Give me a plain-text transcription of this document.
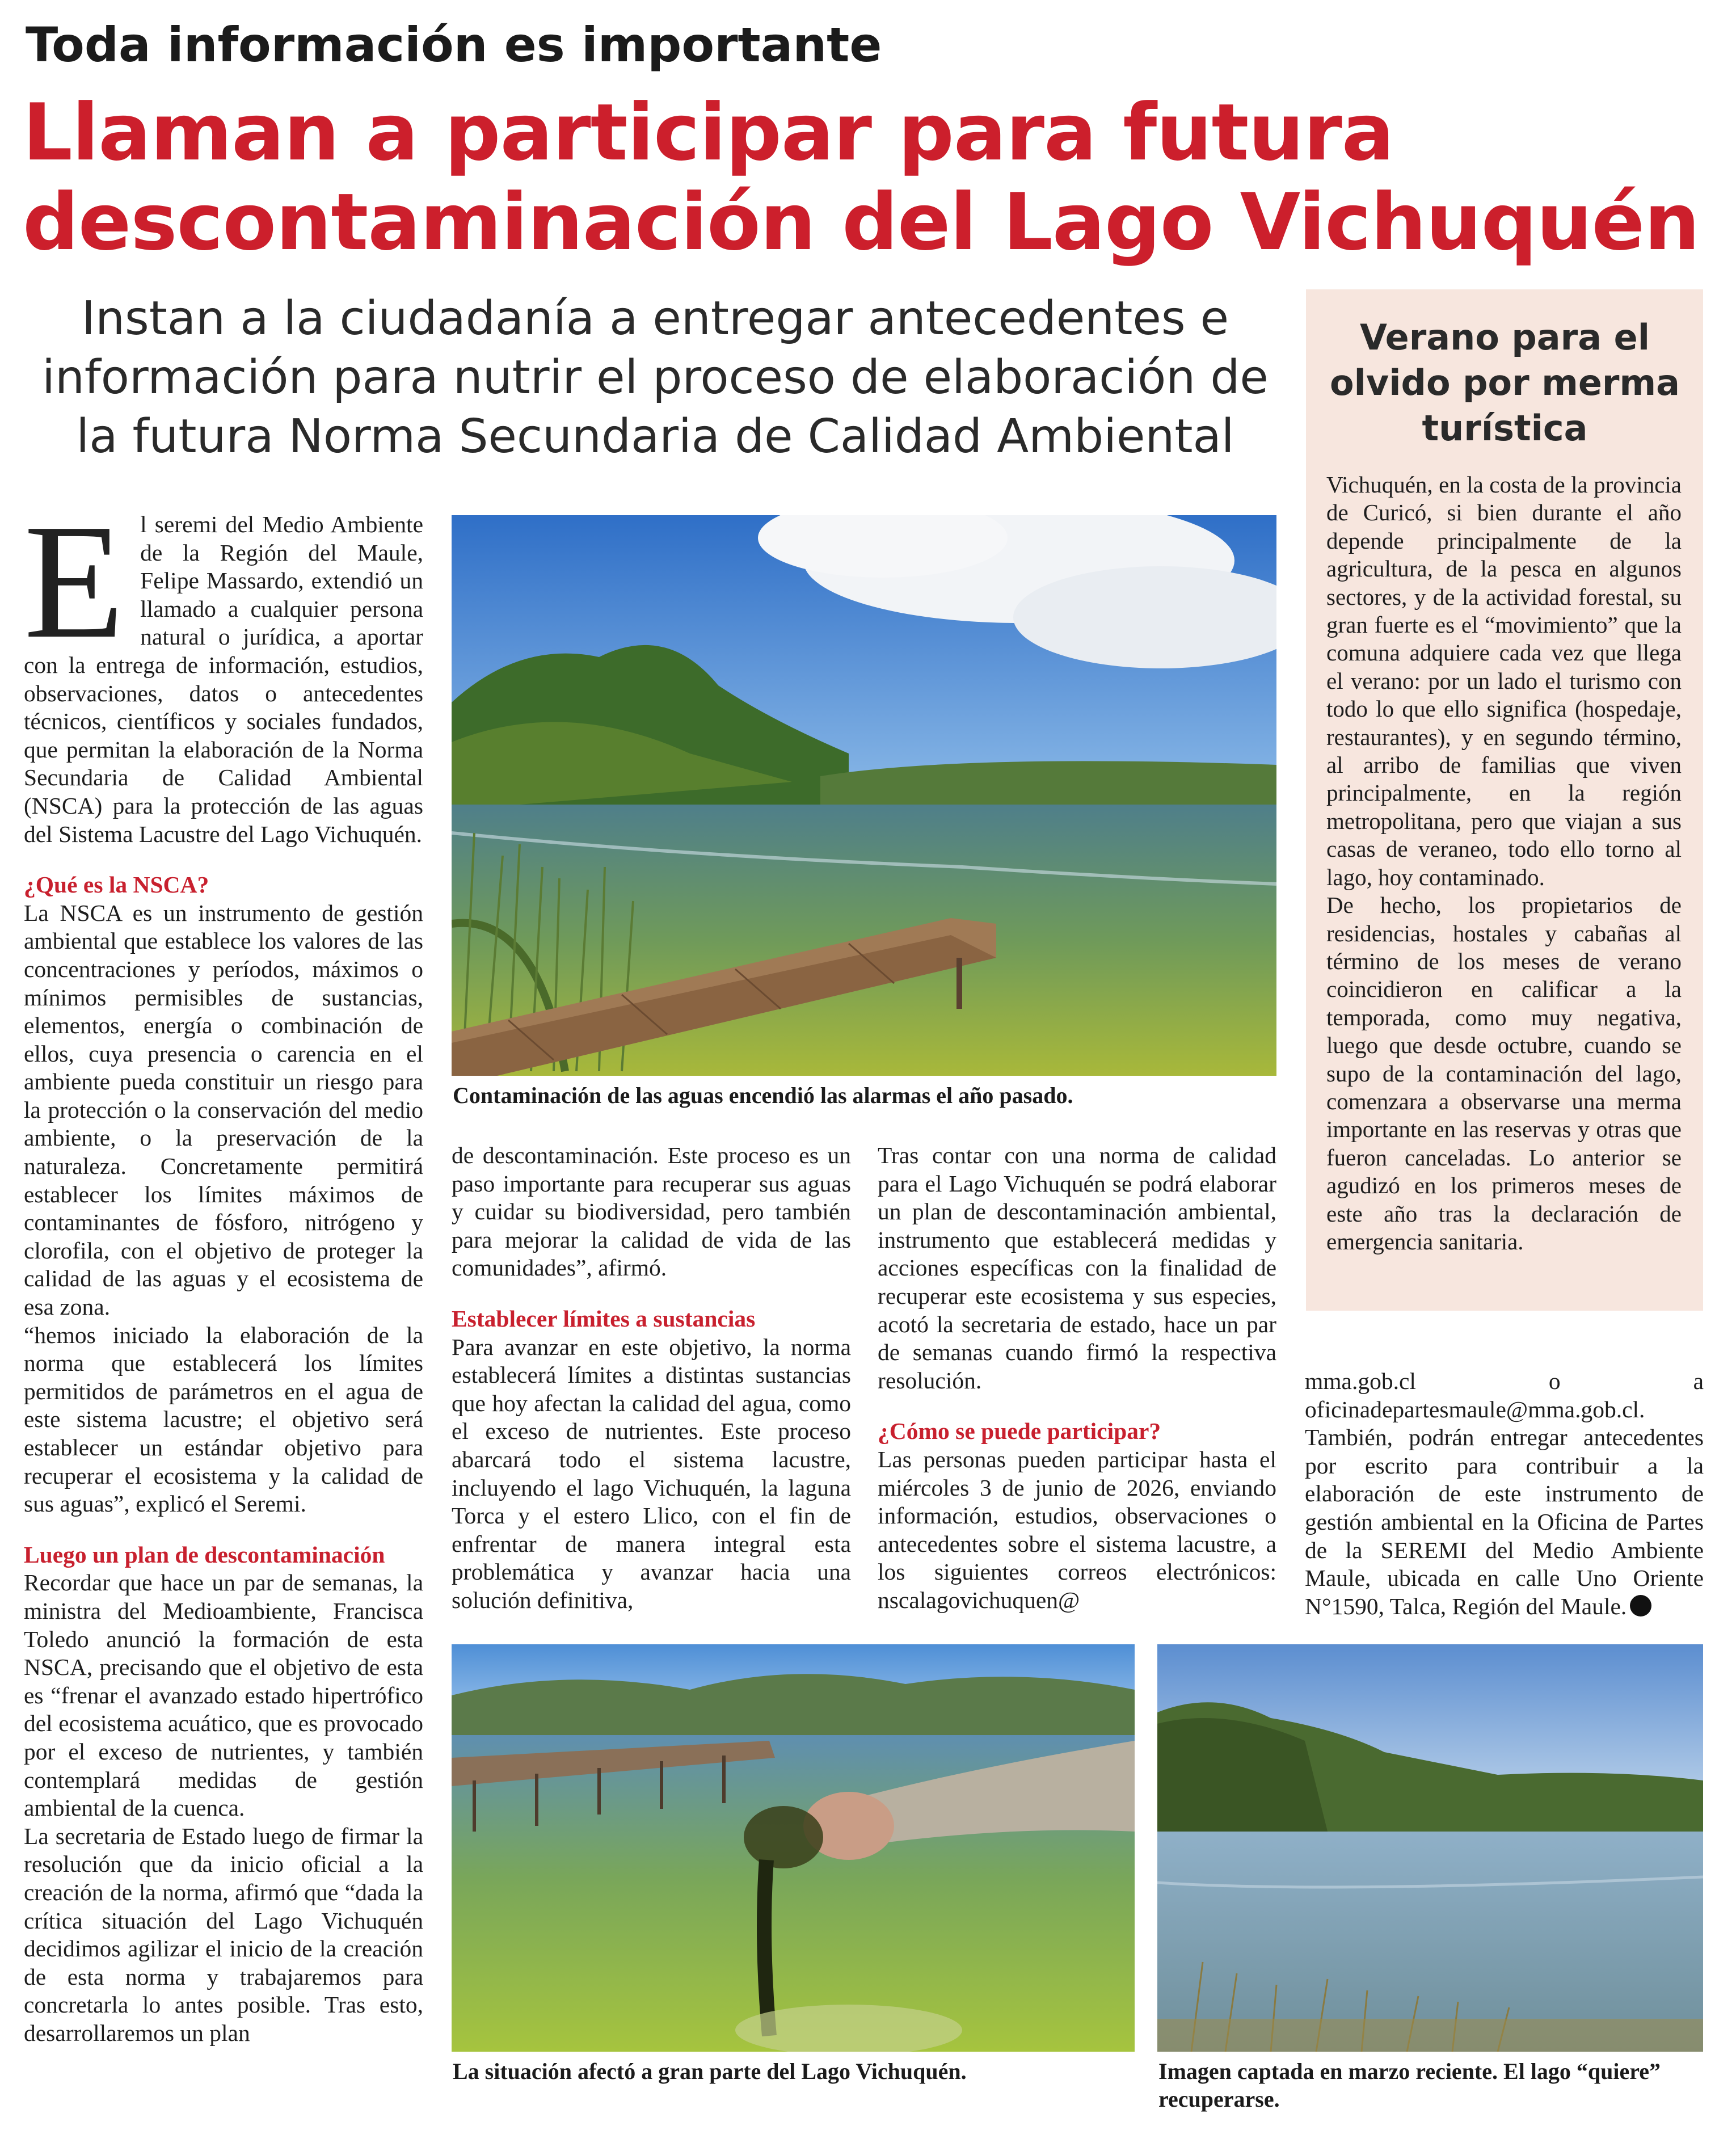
Toda información es importante
Llaman a participar para futura
descontaminación del Lago Vichuquén
Instan a la ciudadanía a entregar antecedentes e
información para nutrir el proceso de elaboración de
la futura Norma Secundaria de Calidad Ambiental

El seremi del Medio Ambiente de la Región del Maule, Felipe Massardo, extendió un llamado a cualquier persona natural o jurídica, a aportar con la entrega de información, estudios, observaciones, datos o antecedentes técnicos, científicos y sociales fundados, que permitan la elaboración de la Norma Secundaria de Calidad Ambiental (NSCA) para la protección de las aguas del Sistema Lacustre del Lago Vichuquén.

¿Qué es la NSCA?

La NSCA es un instrumento de gestión ambiental que establece los valores de las concentraciones y períodos, máximos o mínimos permisibles de sustancias, elementos, energía o combinación de ellos, cuya presencia o carencia en el ambiente pueda constituir un riesgo para la protección o la conservación del medio ambiente, o la preservación de la naturaleza. Concretamente permitirá establecer los límites máximos de contaminantes de fósforo, nitrógeno y clorofila, con el objetivo de proteger la calidad de las aguas y el ecosistema de esa zona.

“hemos iniciado la elaboración de la norma que establecerá los límites permitidos de parámetros en el agua de este sistema lacustre; el objetivo será establecer un estándar objetivo para recuperar el ecosistema y la calidad de sus aguas”, explicó el Seremi.

Luego un plan de descontaminación

Recordar que hace un par de semanas, la ministra del Medioambiente, Francisca Toledo anunció la formación de esta NSCA, precisando que el objetivo de esta es “frenar el avanzado estado hipertrófico del ecosistema acuático, que es provocado por el exceso de nutrientes, y también contemplará medidas de gestión ambiental de la cuenca.

La secretaria de Estado luego de firmar la resolución que da inicio oficial a la creación de la norma, afirmó que “dada la crítica situación del Lago Vichuquén decidimos agilizar el inicio de la creación de esta norma y trabajaremos para concretarla lo antes posible. Tras esto, desarrollaremos un plan

Contaminación de las aguas encendió las alarmas el año pasado.

de descontaminación. Este proceso es un paso importante para recuperar sus aguas y cuidar su biodiversidad, pero también para mejorar la calidad de vida de las comunidades”, afirmó.

Establecer límites a sustancias

Para avanzar en este objetivo, la norma establecerá límites a distintas sustancias que hoy afectan la calidad del agua, como el exceso de nutrientes. Este proceso abarcará todo el sistema lacustre, incluyendo el lago Vichuquén, la laguna Torca y el estero Llico, con el fin de enfrentar de manera integral esta problemática y avanzar hacia una solución definitiva,

Tras contar con una norma de calidad para el Lago Vichuquén se podrá elaborar un plan de descontaminación ambiental, instrumento que establecerá medidas y acciones específicas con la finalidad de recuperar este ecosistema y sus especies, acotó la secretaria de estado, hace un par de semanas cuando firmó la respectiva resolución.

¿Cómo se puede participar?

Las personas pueden participar hasta el miércoles 3 de junio de 2026, enviando información, estudios, observaciones o antecedentes sobre el sistema lacustre, a los siguientes correos electrónicos: nscalagovichuquen@

Verano para el olvido por merma turística

Vichuquén, en la costa de la provincia de Curicó, si bien durante el año depende principalmente de la agricultura, de la pesca en algunos sectores, y de la actividad forestal, su gran fuerte es el “movimiento” que la comuna adquiere cada vez que llega el verano: por un lado el turismo con todo lo que ello significa (hospedaje, restaurantes), y en segundo término, al arribo de familias que viven principalmente, en la región metropolitana, pero que viajan a sus casas de veraneo, todo ello torno al lago, hoy contaminado.

De hecho, los propietarios de residencias, hostales y cabañas al término de los meses de verano coincidieron en calificar a la temporada, como muy negativa, luego que desde octubre, cuando se supo de la contaminación del lago, comenzara a observarse una merma importante en las reservas y otras que fueron canceladas. Lo anterior se agudizó en los primeros meses de este año tras la declaración de emergencia sanitaria.

mma.gob.cl o a oficinadepartesmaule@mma.gob.cl.

También, podrán entregar antecedentes por escrito para contribuir a la elaboración de este instrumento de gestión ambiental en la Oficina de Partes de la SEREMI del Medio Ambiente Maule, ubicada en calle Uno Oriente N°1590, Talca, Región del Maule.

La situación afectó a gran parte del Lago Vichuquén.	Imagen captada en marzo reciente. El lago “quiere” recuperarse.
